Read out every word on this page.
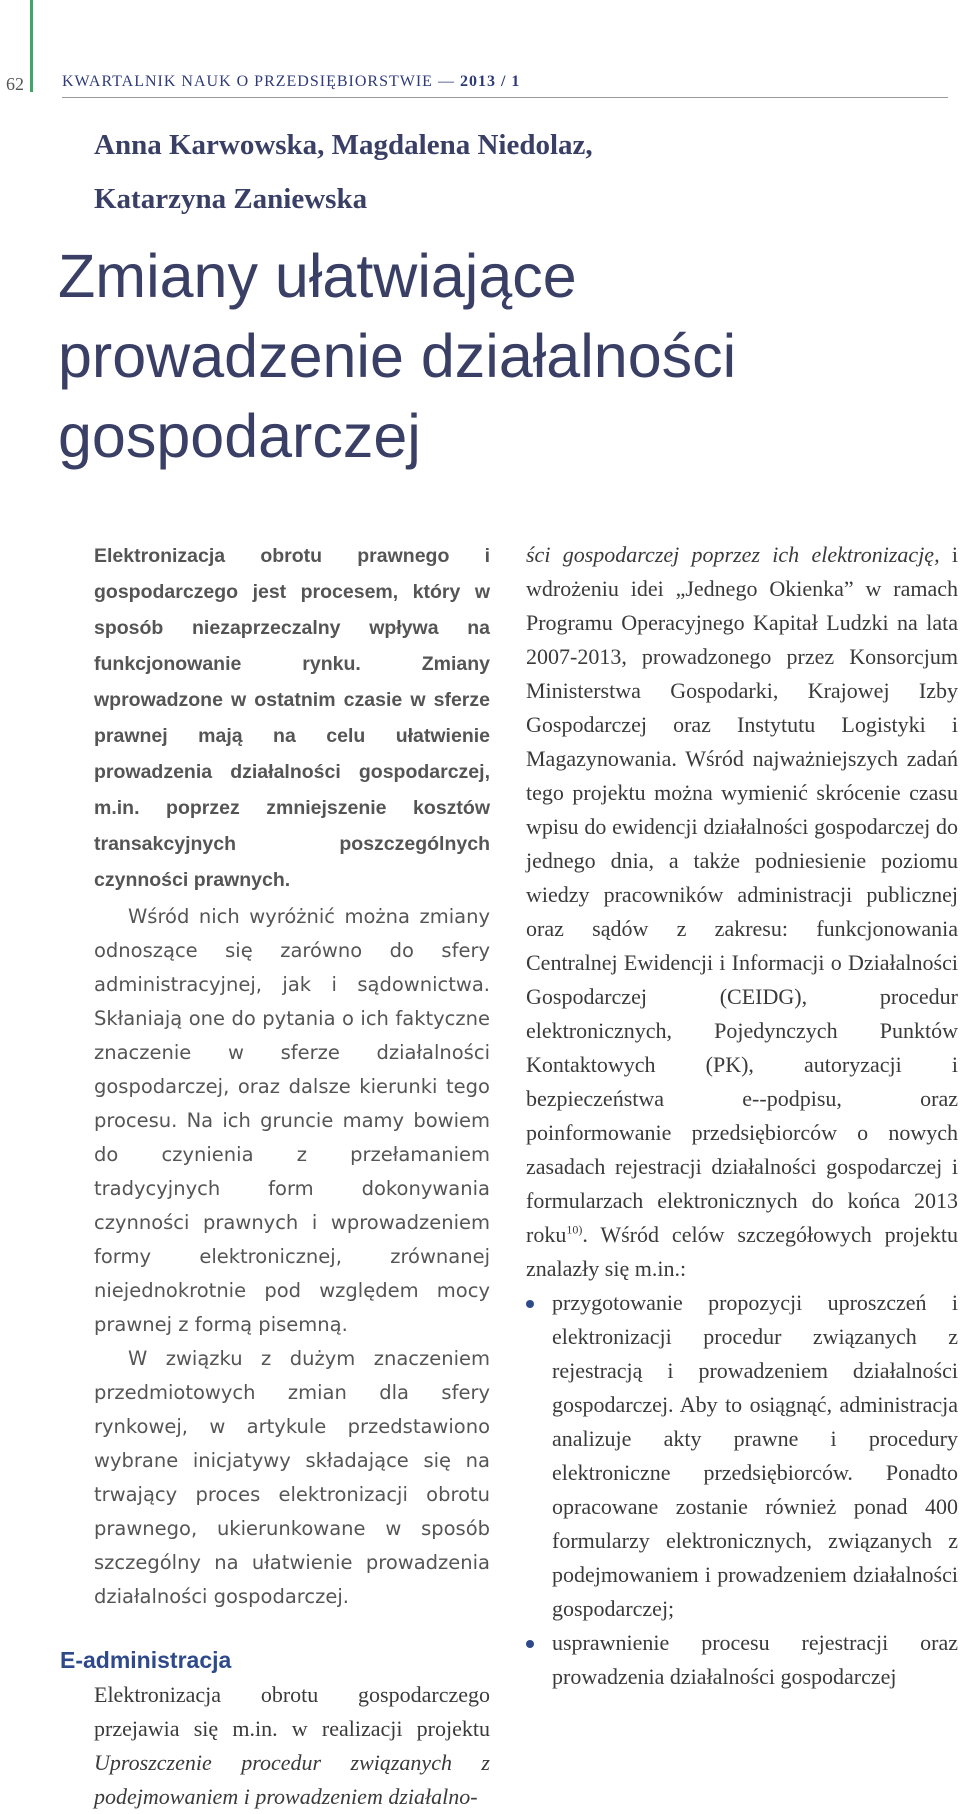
62 KWARTALNIK NAUK O PRZEDSIĘBIORSTWIE — 2013 / 1
Anna Karwowska, Magdalena Niedolaz,
Katarzyna Zaniewska
Zmiany ułatwiające
prowadzenie działalności
gospodarczej

Elektronizacja obrotu prawnego i gospodarczego jest procesem, który w sposób niezaprzeczalny wpływa na funkcjonowanie rynku. Zmiany wprowadzone w ostatnim czasie w sferze prawnej mają na celu ułatwienie prowadzenia działalności gospodarczej, m.in. poprzez zmniejszenie kosztów transakcyjnych poszczególnych czynności prawnych.

Wśród nich wyróżnić można zmiany odnoszące się zarówno do sfery administracyjnej, jak i sądownictwa. Skłaniają one do pytania o ich faktyczne znaczenie w sferze działalności gospodarczej, oraz dalsze kierunki tego procesu. Na ich gruncie mamy bowiem do czynienia z przełamaniem tradycyjnych form dokonywania czynności prawnych i wprowadzeniem formy elektronicznej, zrównanej niejednokrotnie pod względem mocy prawnej z formą pisemną.

W związku z dużym znaczeniem przedmiotowych zmian dla sfery rynkowej, w artykule przedstawiono wybrane inicjatywy składające się na trwający proces elektronizacji obrotu prawnego, ukierunkowane w sposób szczególny na ułatwienie prowadzenia działalności gospodarczej.

E-administracja

Elektronizacja obrotu gospodarczego przejawia się m.in. w realizacji projektu Uproszczenie procedur związanych z podejmowaniem i prowadzeniem działalno-

ści gospodarczej poprzez ich elektronizację, i wdrożeniu idei „Jednego Okienka” w ramach Programu Operacyjnego Kapitał Ludzki na lata 2007-2013, prowadzonego przez Konsorcjum Ministerstwa Gospodarki, Krajowej Izby Gospodarczej oraz Instytutu Logistyki i Magazynowania. Wśród najważniejszych zadań tego projektu można wymienić skrócenie czasu wpisu do ewidencji działalności gospodarczej do jednego dnia, a także podniesienie poziomu wiedzy pracowników administracji publicznej oraz sądów z zakresu: funkcjonowania Centralnej Ewidencji i Informacji o Działalności Gospodarczej (CEIDG), procedur elektronicznych, Pojedynczych Punktów Kontaktowych (PK), autoryzacji i bezpieczeństwa e--podpisu, oraz poinformowanie przedsiębiorców o nowych zasadach rejestracji działalności gospodarczej i formularzach elektronicznych do końca 2013 roku$^{10)}$. Wśród celów szczegółowych projektu znalazły się m.in.:

przygotowanie propozycji uproszczeń i elektronizacji procedur związanych z rejestracją i prowadzeniem działalności gospodarczej. Aby to osiągnąć, administracja analizuje akty prawne i procedury elektroniczne przedsiębiorców. Ponadto opracowane zostanie również ponad 400 formularzy elektronicznych, związanych z podejmowaniem i prowadzeniem działalności gospodarczej;
usprawnienie procesu rejestracji oraz prowadzenia działalności gospodarczej
